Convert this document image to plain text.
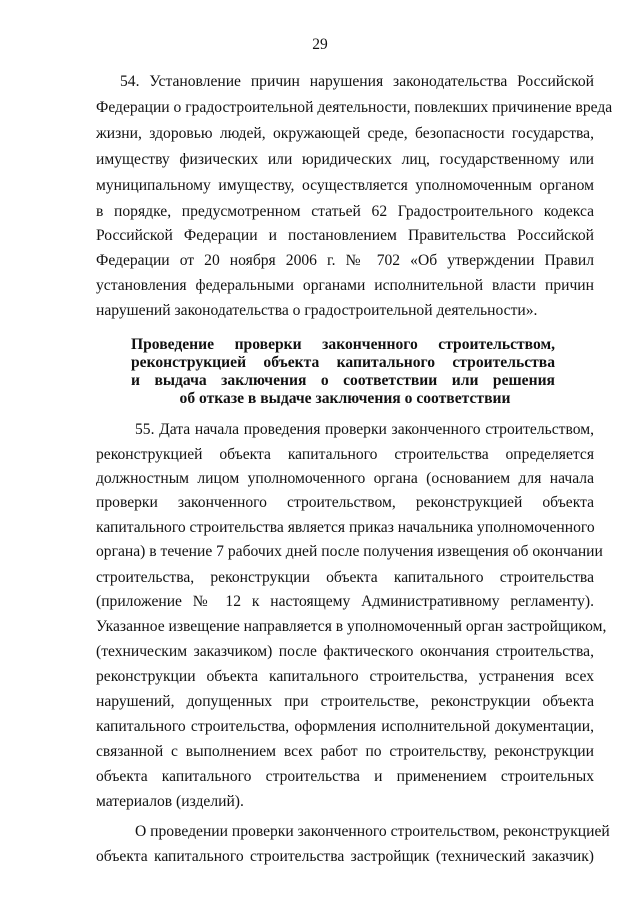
29
54. Установление причин нарушения законодательства Российской
Федерации о градостроительной деятельности, повлекших причинение вреда
жизни, здоровью людей, окружающей среде, безопасности государства,
имуществу физических или юридических лиц, государственному или
муниципальному имуществу, осуществляется уполномоченным органом
в порядке, предусмотренном статьей 62 Градостроительного кодекса
Российской Федерации и постановлением Правительства Российской
Федерации от 20 ноября 2006 г. № 702 «Об утверждении Правил
установления федеральными органами исполнительной власти причин
нарушений законодательства о градостроительной деятельности».
Проведение проверки законченного строительством,
реконструкцией объекта капитального строительства
и выдача заключения о соответствии или решения
об отказе в выдаче заключения о соответствии
55. Дата начала проведения проверки законченного строительством,
реконструкцией объекта капитального строительства определяется
должностным лицом уполномоченного органа (основанием для начала
проверки законченного строительством, реконструкцией объекта
капитального строительства является приказ начальника уполномоченного
органа) в течение 7 рабочих дней после получения извещения об окончании
строительства, реконструкции объекта капитального строительства
(приложение № 12 к настоящему Административному регламенту).
Указанное извещение направляется в уполномоченный орган застройщиком,
(техническим заказчиком) после фактического окончания строительства,
реконструкции объекта капитального строительства, устранения всех
нарушений, допущенных при строительстве, реконструкции объекта
капитального строительства, оформления исполнительной документации,
связанной с выполнением всех работ по строительству, реконструкции
объекта капитального строительства и применением строительных
материалов (изделий).
О проведении проверки законченного строительством, реконструкцией
объекта капитального строительства застройщик (технический заказчик)
